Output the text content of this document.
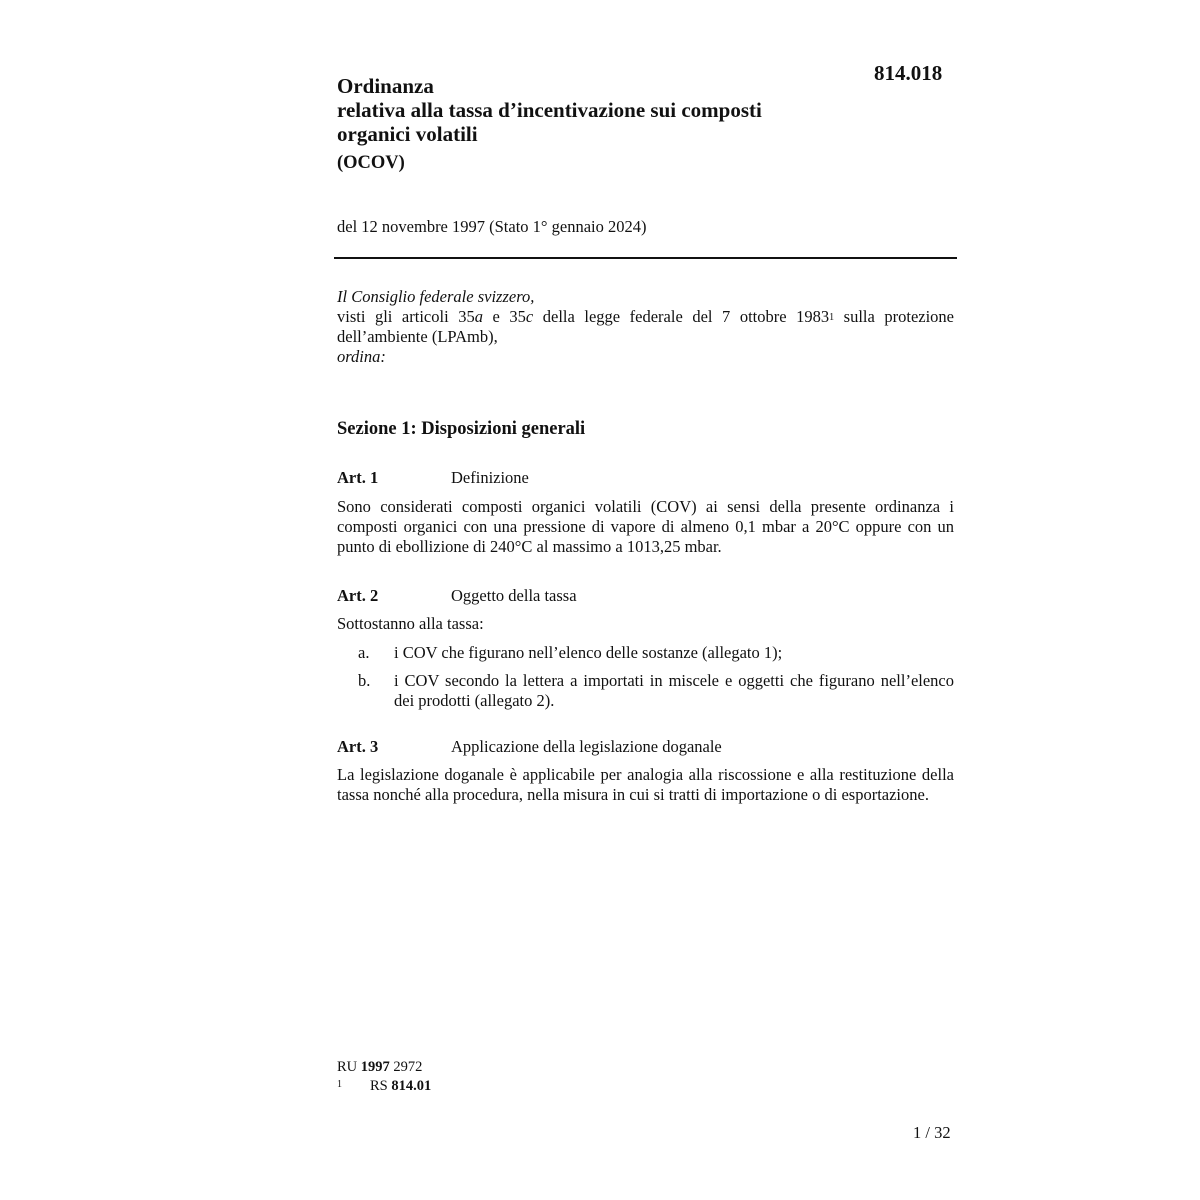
814.018
Ordinanza
relativa alla tassa d’incentivazione sui composti
organici volatili
(OCOV)
del 12 novembre 1997 (Stato 1° gennaio 2024)
Il Consiglio federale svizzero,
visti gli articoli 35a e 35c della legge federale del 7 ottobre 1983$^1$ sulla protezione dell’ambiente (LPAmb),
ordina:
Sezione 1: Disposizioni generali
Art. 1	Definizione
Sono considerati composti organici volatili (COV) ai sensi della presente ordinanza i composti organici con una pressione di vapore di almeno 0,1 mbar a 20°C oppure con un punto di ebollizione di 240°C al massimo a 1013,25 mbar.
Art. 2	Oggetto della tassa
Sottostanno alla tassa:
a. i COV che figurano nell’elenco delle sostanze (allegato 1);
b. i COV secondo la lettera a importati in miscele e oggetti che figurano nell’elenco dei prodotti (allegato 2).
Art. 3	Applicazione della legislazione doganale
La legislazione doganale è applicabile per analogia alla riscossione e alla restituzione della tassa nonché alla procedura, nella misura in cui si tratti di importazione o di esportazione.
RU 1997 2972
$^1$ RS 814.01
1 / 32
